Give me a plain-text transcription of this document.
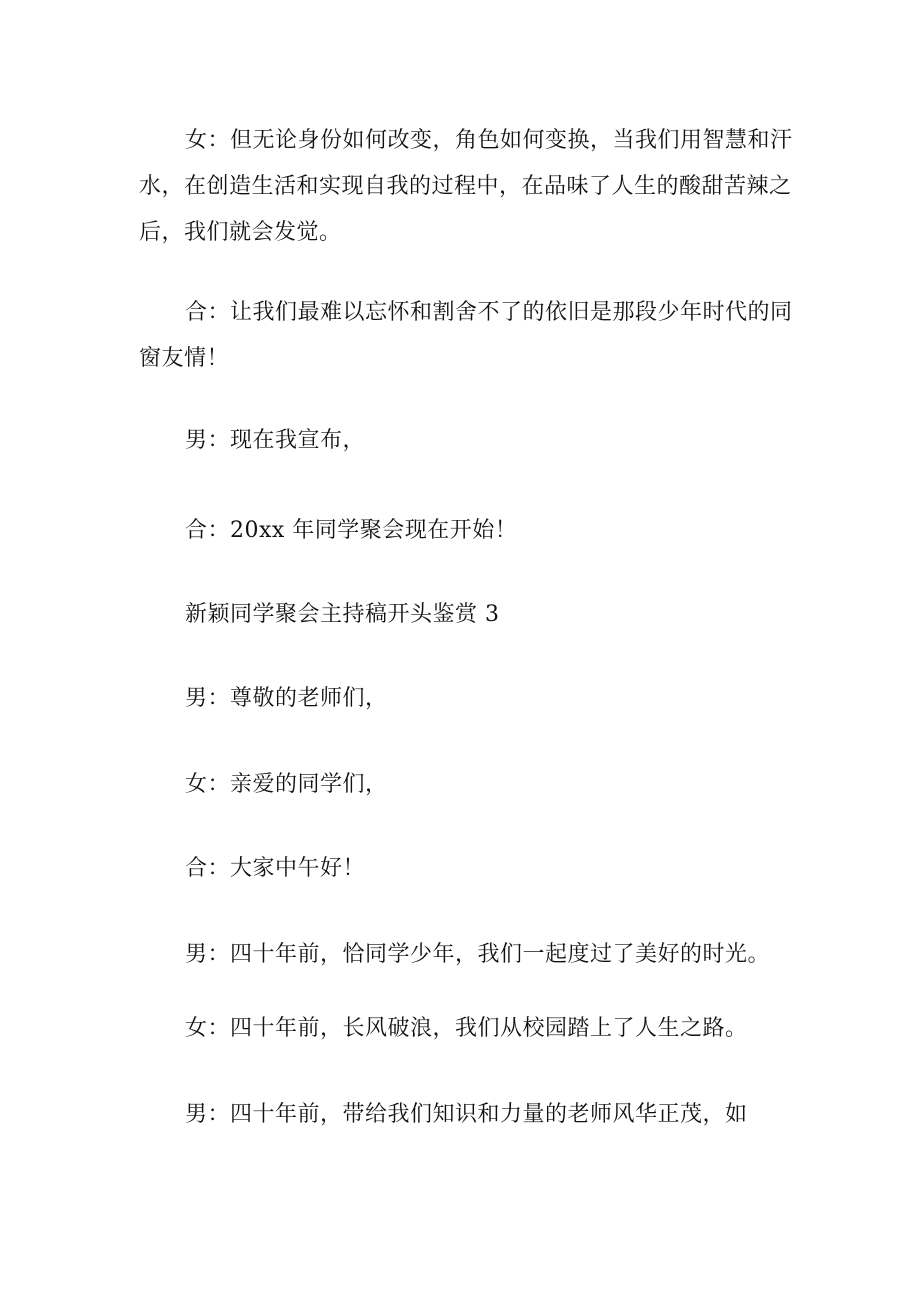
女：但无论身份如何改变，角色如何变换，当我们用智慧和汗水，在创造生活和实现自我的过程中，在品味了人生的酸甜苦辣之后，我们就会发觉。

合：让我们最难以忘怀和割舍不了的依旧是那段少年时代的同窗友情！

男：现在我宣布，

合：20xx 年同学聚会现在开始！

新颖同学聚会主持稿开头鉴赏 3

男：尊敬的老师们，

女：亲爱的同学们，

合：大家中午好！

男：四十年前，恰同学少年，我们一起度过了美好的时光。

女：四十年前，长风破浪，我们从校园踏上了人生之路。

男：四十年前，带给我们知识和力量的老师风华正茂，如
